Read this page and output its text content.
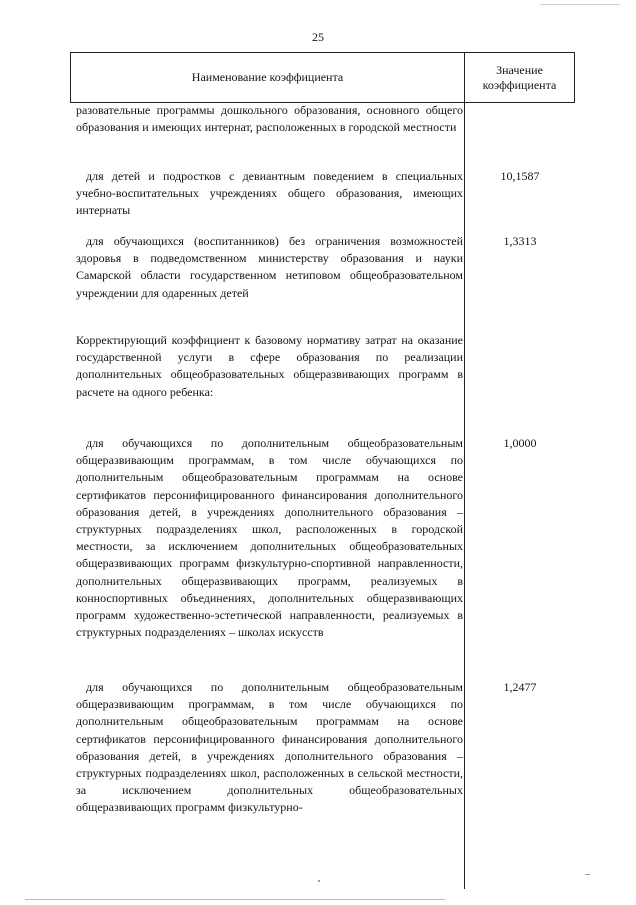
25
Наименование коэффициента	Значение
коэффициента

разовательные программы дошкольного образования, основного общего образования и имеющих интернат, расположенных в городской местности

для детей и подростков с девиантным поведением в специальных учебно-воспитательных учреждениях общего образования, имеющих интернаты

10,1587

для обучающихся (воспитанников) без ограничения возможностей здоровья в подведомственном министерству образования и науки Самарской области государственном нетиповом общеобразовательном учреждении для одаренных детей

1,3313

Корректирующий коэффициент к базовому нормативу затрат на оказание государственной услуги в сфере образования по реализации дополнительных общеобразовательных общеразвивающих программ в расчете на одного ребенка:

для обучающихся по дополнительным общеобразовательным общеразвивающим программам, в том числе обучающихся по дополнительным общеобразовательным программам на основе сертификатов персонифицированного финансирования дополнительного образования детей, в учреждениях дополнительного образования – структурных подразделениях школ, расположенных в городской местности, за исключением дополнительных общеобразовательных общеразвивающих программ физкультурно-спортивной направленности, дополнительных общеразвивающих программ, реализуемых в конноспортивных объединениях, дополнительных общеразвивающих программ художественно-эстетической направленности, реализуемых в структурных подразделениях – школах искусств

1,0000

для обучающихся по дополнительным общеобразовательным общеразвивающим программам, в том числе обучающихся по дополнительным общеобразовательным программам на основе сертификатов персонифицированного финансирования дополнительного образования детей, в учреждениях дополнительного образования – структурных подразделениях школ, расположенных в сельской местности, за исключением дополнительных общеобразовательных общеразвивающих программ физкультурно-

1,2477
